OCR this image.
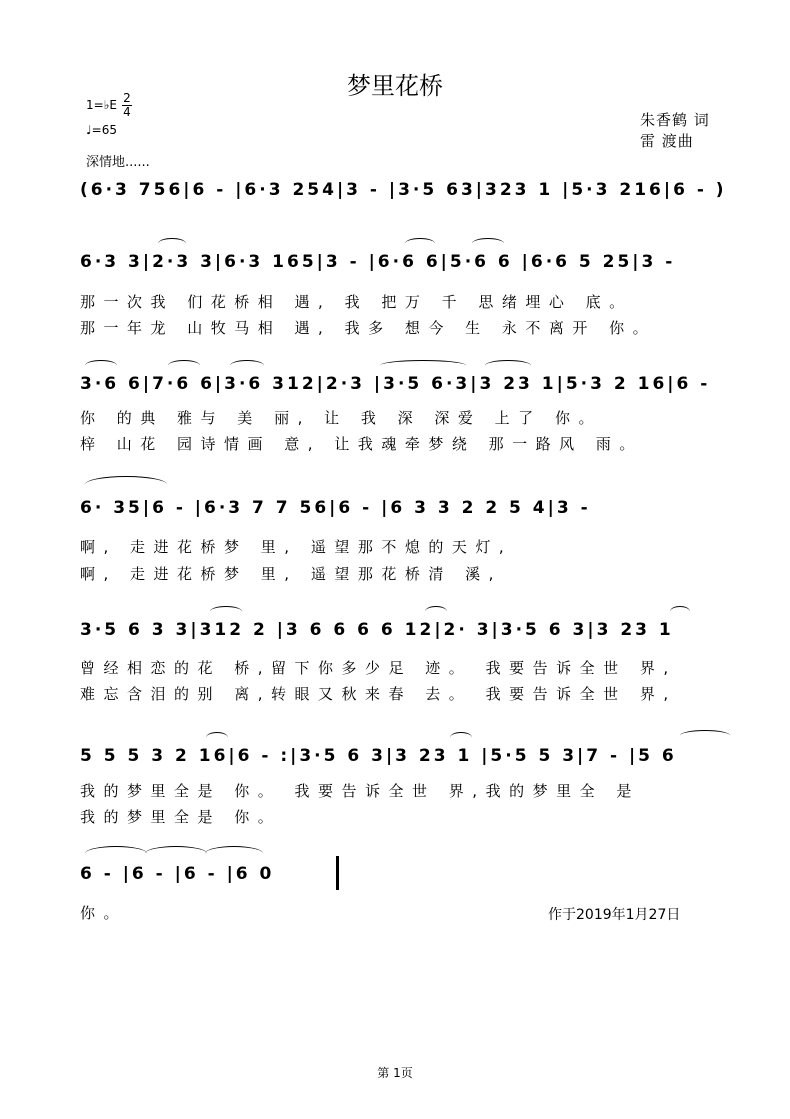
梦里花桥
1=♭E 2
4
♩=65
朱香鹤 词
雷 渡曲
深情地......
(6·3 756|6 - |6·3 254|3 - |3·5 63|323 1 |5·3 216|6 - )
6·3 3|2·3 3|6·3 165|3 - |6·6 6|5·6 6 |6·6 5 25|3 -
那一次我 们花桥相 遇, 我 把万 千 思绪埋心 底。
那一年龙 山牧马相 遇, 我多 想今 生 永不离开 你。
3·6 6|7·6 6|3·6 312|2·3 |3·5 6·3|3 23 1|5·3 2 16|6 -
你 的典 雅与 美 丽, 让 我 深 深爱 上了 你。
梓 山花 园诗情画 意, 让我魂牵梦绕 那一路风 雨。
6· 35|6 - |6·3 7 7 56|6 - |6 3 3 2 2 5 4|3 -
啊, 走进花桥梦 里, 遥望那不熄的天灯,
啊, 走进花桥梦 里, 遥望那花桥清 溪,
3·5 6 3 3|312 2 |3 6 6 6 6 12|2· 3|3·5 6 3|3 23 1
曾经相恋的花 桥,留下你多少足 迹。 我要告诉全世 界,
难忘含泪的别 离,转眼又秋来春 去。 我要告诉全世 界,
5 5 5 3 2 16|6 - :|3·5 6 3|3 23 1 |5·5 5 3|7 - |5 6
我的梦里全是 你。 我要告诉全世 界,我的梦里全 是
我的梦里全是 你。
6 - |6 - |6 - |6 0
你。	作于2019年1月27日
第 1页
